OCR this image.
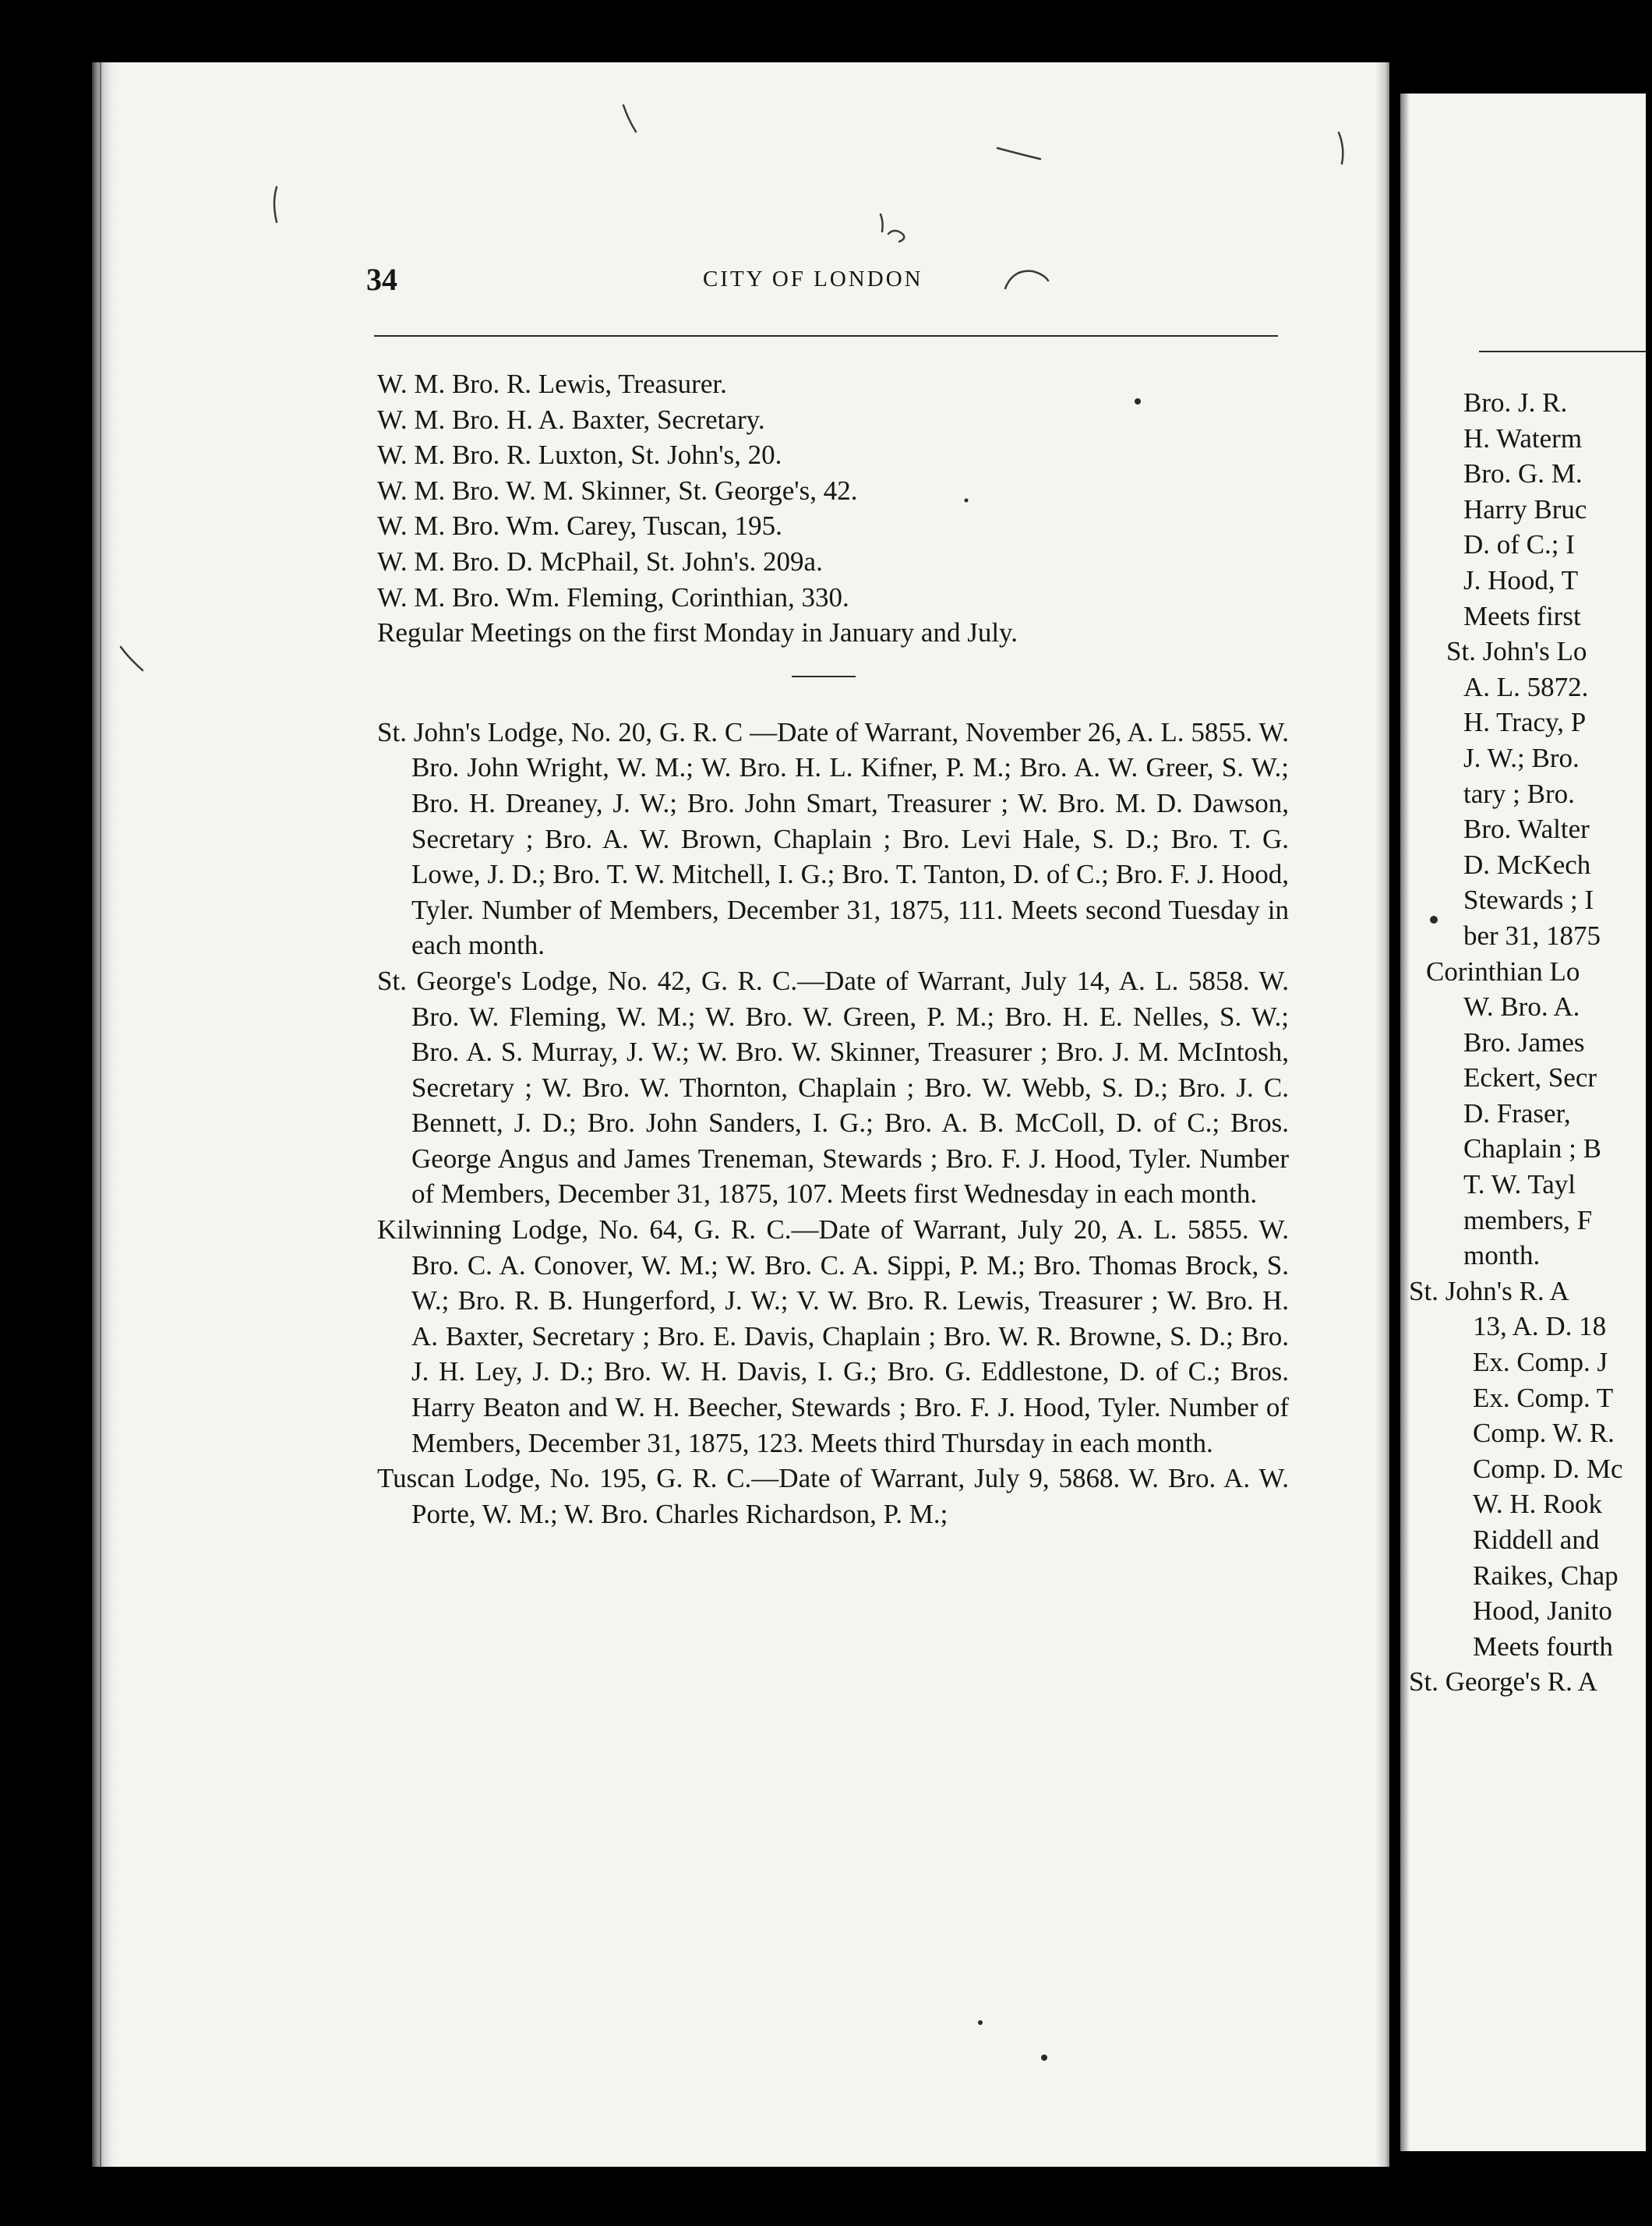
34	CITY OF LONDON
W. M. Bro. R. Lewis, Treasurer.
W. M. Bro. H. A. Baxter, Secretary.
W. M. Bro. R. Luxton, St. John's, 20.
W. M. Bro. W. M. Skinner, St. George's, 42.
W. M. Bro. Wm. Carey, Tuscan, 195.
W. M. Bro. D. McPhail, St. John's. 209a.
W. M. Bro. Wm. Fleming, Corinthian, 330.
Regular Meetings on the first Monday in January and July.
St. John's Lodge, No. 20, G. R. C —Date of Warrant, November 26, A. L. 5855. W. Bro. John Wright, W. M.; W. Bro. H. L. Kifner, P. M.; Bro. A. W. Greer, S. W.; Bro. H. Dreaney, J. W.; Bro. John Smart, Treasurer ; W. Bro. M. D. Dawson, Secretary ; Bro. A. W. Brown, Chaplain ; Bro. Levi Hale, S. D.; Bro. T. G. Lowe, J. D.; Bro. T. W. Mitchell, I. G.; Bro. T. Tanton, D. of C.; Bro. F. J. Hood, Tyler. Number of Members, December 31, 1875, 111. Meets second Tuesday in each month.
St. George's Lodge, No. 42, G. R. C.—Date of Warrant, July 14, A. L. 5858. W. Bro. W. Fleming, W. M.; W. Bro. W. Green, P. M.; Bro. H. E. Nelles, S. W.; Bro. A. S. Murray, J. W.; W. Bro. W. Skinner, Treasurer ; Bro. J. M. McIntosh, Secretary ; W. Bro. W. Thornton, Chaplain ; Bro. W. Webb, S. D.; Bro. J. C. Bennett, J. D.; Bro. John Sanders, I. G.; Bro. A. B. McColl, D. of C.; Bros. George Angus and James Treneman, Stewards ; Bro. F. J. Hood, Tyler. Number of Members, December 31, 1875, 107. Meets first Wednesday in each month.
Kilwinning Lodge, No. 64, G. R. C.—Date of Warrant, July 20, A. L. 5855. W. Bro. C. A. Conover, W. M.; W. Bro. C. A. Sippi, P. M.; Bro. Thomas Brock, S. W.; Bro. R. B. Hungerford, J. W.; V. W. Bro. R. Lewis, Treasurer ; W. Bro. H. A. Baxter, Secretary ; Bro. E. Davis, Chaplain ; Bro. W. R. Browne, S. D.; Bro. J. H. Ley, J. D.; Bro. W. H. Davis, I. G.; Bro. G. Eddlestone, D. of C.; Bros. Harry Beaton and W. H. Beecher, Stewards ; Bro. F. J. Hood, Tyler. Number of Members, December 31, 1875, 123. Meets third Thursday in each month.
Tuscan Lodge, No. 195, G. R. C.—Date of Warrant, July 9, 5868. W. Bro. A. W. Porte, W. M.; W. Bro. Charles Richardson, P. M.;
Bro. J. R.
H. Waterm
Bro. G. M.
Harry Bruc
D. of C.; I
J. Hood, T
Meets first
St. John's Lo
A. L. 5872.
H. Tracy, P
J. W.; Bro.
tary ; Bro.
Bro. Walter
D. McKech
Stewards ; I
ber 31, 1875
Corinthian Lo
W. Bro. A.
Bro. James
Eckert, Secr
D. Fraser,
Chaplain ; B
T. W. Tayl
members, F
month.
St. John's R. A
13, A. D. 18
Ex. Comp. J
Ex. Comp. T
Comp. W. R.
Comp. D. Mc
W. H. Rook
Riddell and
Raikes, Chap
Hood, Janito
Meets fourth
St. George's R. A
